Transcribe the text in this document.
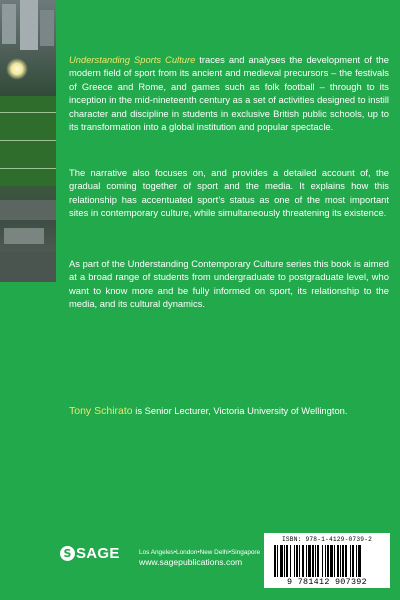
Understanding Sports Culture traces and analyses the development of the modern field of sport from its ancient and medieval precursors – the festivals of Greece and Rome, and games such as folk football – through to its inception in the mid-nineteenth century as a set of activities designed to instill character and discipline in students in exclusive British public schools, up to its transformation into a global institution and popular spectacle.
The narrative also focuses on, and provides a detailed account of, the gradual coming together of sport and the media. It explains how this relationship has accentuated sport’s status as one of the most important sites in contemporary culture, while simultaneously threatening its existence.
As part of the Understanding Contemporary Culture series this book is aimed at a broad range of students from undergraduate to postgraduate level, who want to know more and be fully informed on sport, its relationship to the media, and its cultural dynamics.
Tony Schirato is Senior Lecturer, Victoria University of Wellington.
S SAGE	Los Angeles•London•New Delhi•Singapore
www.sagepublications.com
ISBN: 978-1-4129-0739-2
9 781412 907392
